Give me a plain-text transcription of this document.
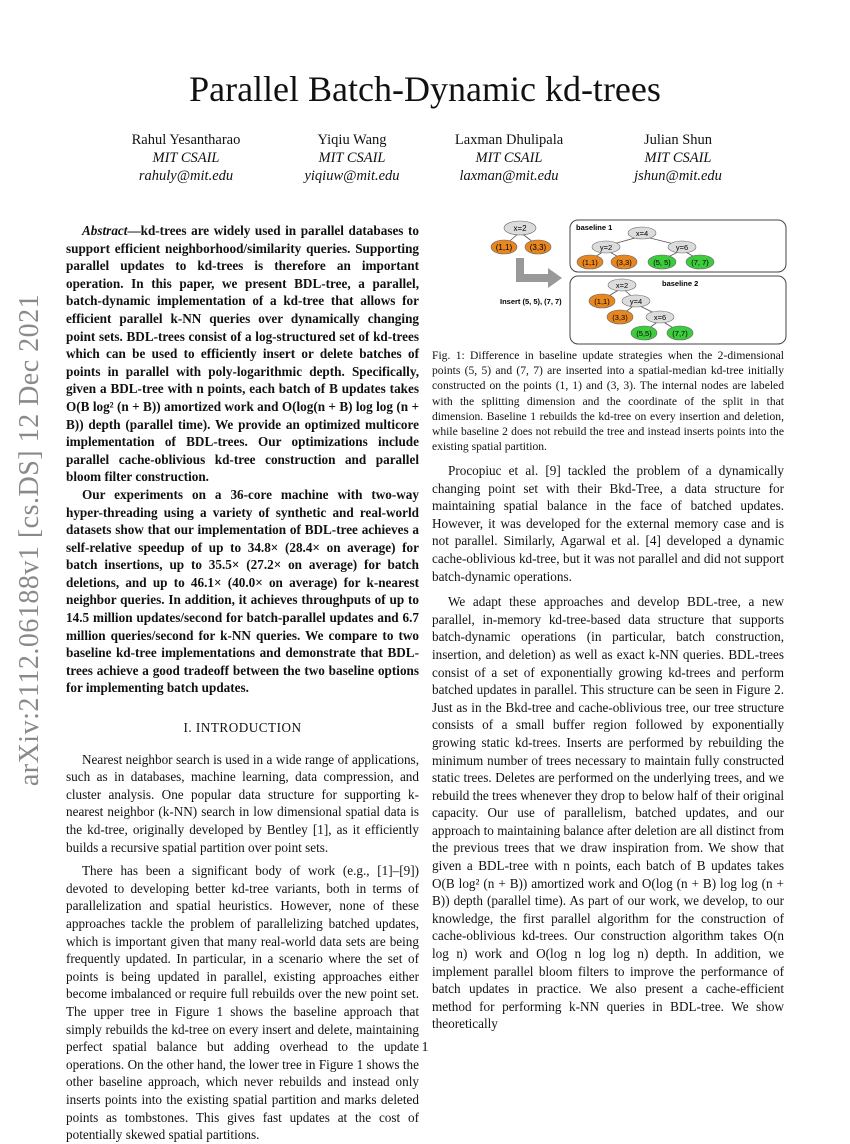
arXiv:2112.06188v1 [cs.DS] 12 Dec 2021
Parallel Batch-Dynamic kd-trees
Rahul Yesantharao
MIT CSAIL
rahuly@mit.edu
Yiqiu Wang
MIT CSAIL
yiqiuw@mit.edu
Laxman Dhulipala
MIT CSAIL
laxman@mit.edu
Julian Shun
MIT CSAIL
jshun@mit.edu

Abstract—kd-trees are widely used in parallel databases to support efficient neighborhood/similarity queries. Supporting parallel updates to kd-trees is therefore an important operation. In this paper, we present BDL-tree, a parallel, batch-dynamic implementation of a kd-tree that allows for efficient parallel k-NN queries over dynamically changing point sets. BDL-trees consist of a log-structured set of kd-trees which can be used to efficiently insert or delete batches of points in parallel with poly-logarithmic depth. Specifically, given a BDL-tree with n points, each batch of B updates takes O(B log² (n + B)) amortized work and O(log(n + B) log log (n + B)) depth (parallel time). We provide an optimized multicore implementation of BDL-trees. Our optimizations include parallel cache-oblivious kd-tree construction and parallel bloom filter construction.

Our experiments on a 36-core machine with two-way hyper-threading using a variety of synthetic and real-world datasets show that our implementation of BDL-tree achieves a self-relative speedup of up to 34.8× (28.4× on average) for batch insertions, up to 35.5× (27.2× on average) for batch deletions, and up to 46.1× (40.0× on average) for k-nearest neighbor queries. In addition, it achieves throughputs of up to 14.5 million updates/second for batch-parallel updates and 6.7 million queries/second for k-NN queries. We compare to two baseline kd-tree implementations and demonstrate that BDL-trees achieve a good tradeoff between the two baseline options for implementing batch updates.

I. INTRODUCTION

Nearest neighbor search is used in a wide range of applications, such as in databases, machine learning, data compression, and cluster analysis. One popular data structure for supporting k-nearest neighbor (k-NN) search in low dimensional spatial data is the kd-tree, originally developed by Bentley [1], as it efficiently builds a recursive spatial partition over point sets.

There has been a significant body of work (e.g., [1]–[9]) devoted to developing better kd-tree variants, both in terms of parallelization and spatial heuristics. However, none of these approaches tackle the problem of parallelizing batched updates, which is important given that many real-world data sets are being frequently updated. In particular, in a scenario where the set of points is being updated in parallel, existing approaches either become imbalanced or require full rebuilds over the new point set. The upper tree in Figure 1 shows the baseline approach that simply rebuilds the kd-tree on every insert and delete, maintaining perfect spatial balance but adding overhead to the update operations. On the other hand, the lower tree in Figure 1 shows the other baseline approach, which never rebuilds and instead only inserts points into the existing spatial partition and marks deleted points as tombstones. This gives fast updates at the cost of potentially skewed spatial partitions.

x=2
(1,1) (3,3)
Insert (5, 5), (7, 7)
baseline 1
x=4
y=2	y=6
(1,1) (3,3)	(5, 5)	(7, 7)
baseline 2
x=2
(1,1)	y=4
(3,3)	x=6
(5,5)	(7,7)
Fig. 1: Difference in baseline update strategies when the 2-dimensional points (5, 5) and (7, 7) are inserted into a spatial-median kd-tree initially constructed on the points (1, 1) and (3, 3). The internal nodes are labeled with the splitting dimension and the coordinate of the split in that dimension. Baseline 1 rebuilds the kd-tree on every insertion and deletion, while baseline 2 does not rebuild the tree and instead inserts points into the existing spatial partition.

Procopiuc et al. [9] tackled the problem of a dynamically changing point set with their Bkd-Tree, a data structure for maintaining spatial balance in the face of batched updates. However, it was developed for the external memory case and is not parallel. Similarly, Agarwal et al. [4] developed a dynamic cache-oblivious kd-tree, but it was not parallel and did not support batch-dynamic operations.

We adapt these approaches and develop BDL-tree, a new parallel, in-memory kd-tree-based data structure that supports batch-dynamic operations (in particular, batch construction, insertion, and deletion) as well as exact k-NN queries. BDL-trees consist of a set of exponentially growing kd-trees and perform batched updates in parallel. This structure can be seen in Figure 2. Just as in the Bkd-tree and cache-oblivious tree, our tree structure consists of a small buffer region followed by exponentially growing static kd-trees. Inserts are performed by rebuilding the minimum number of trees necessary to maintain fully constructed static trees. Deletes are performed on the underlying trees, and we rebuild the trees whenever they drop to below half of their original capacity. Our use of parallelism, batched updates, and our approach to maintaining balance after deletion are all distinct from the previous trees that we draw inspiration from. We show that given a BDL-tree with n points, each batch of B updates takes O(B log² (n + B)) amortized work and O(log (n + B) log log (n + B)) depth (parallel time). As part of our work, we develop, to our knowledge, the first parallel algorithm for the construction of cache-oblivious kd-trees. Our construction algorithm takes O(n log n) work and O(log n log log n) depth. In addition, we implement parallel bloom filters to improve the performance of batch updates in practice. We also present a cache-efficient method for performing k-NN queries in BDL-tree. We show theoretically

1
